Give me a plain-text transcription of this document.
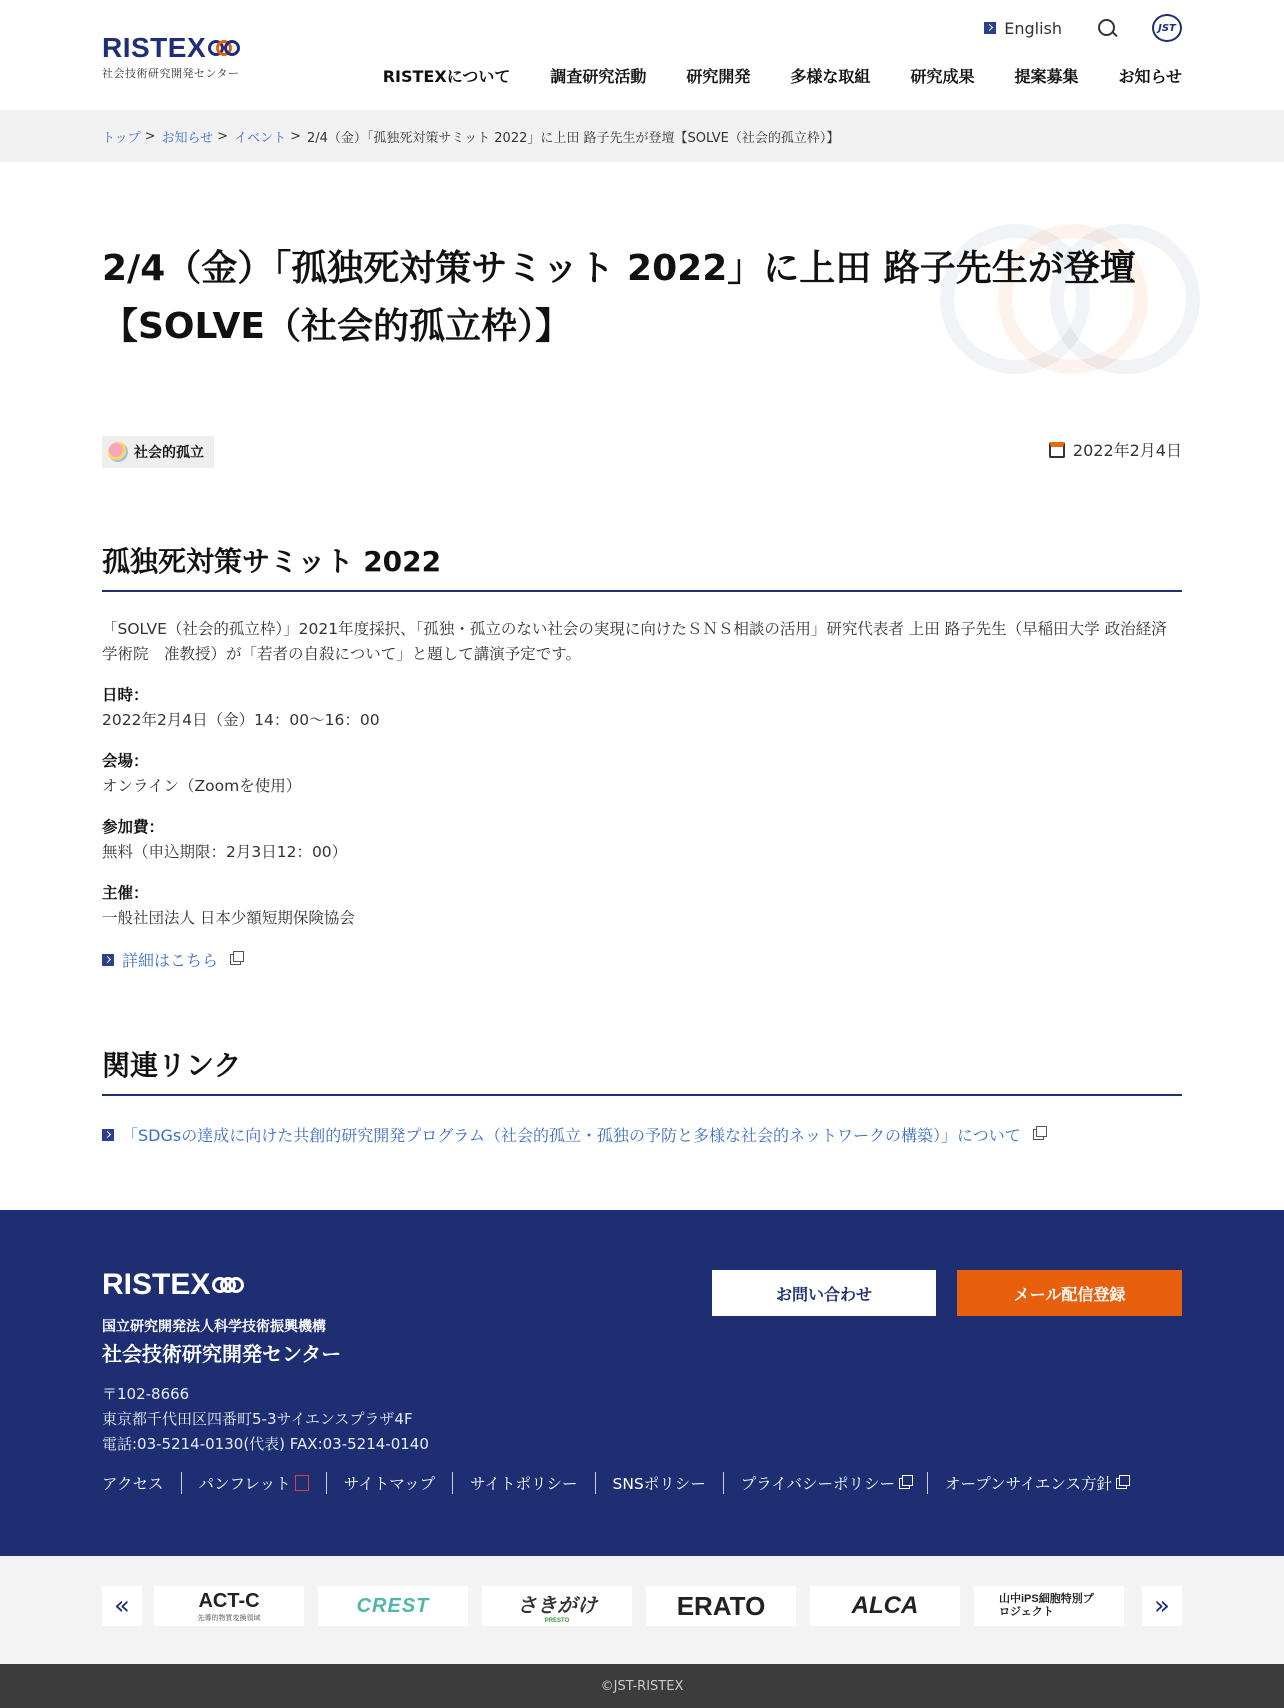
RISTEX
社会技術研究開発センター
English	JST
RISTEXについて	調査研究活動	研究開発	多様な取組	研究成果	提案募集	お知らせ
トップ > お知らせ > イベント > 2/4（金）「孤独死対策サミット 2022」に上田 路子先生が登壇【SOLVE（社会的孤立枠）】
2/4（金）「孤独死対策サミット 2022」に上田 路子先生が登壇
【SOLVE（社会的孤立枠）】
社会的孤立	2022年2月4日
孤独死対策サミット 2022

「SOLVE（社会的孤立枠）」2021年度採択、「孤独・孤立のない社会の実現に向けたＳＮＳ相談の活用」研究代表者 上田 路子先生（早稲田大学 政治経済学術院　准教授）が「若者の自殺について」と題して講演予定です。

日時：
2022年2月4日（金）14：00〜16：00
会場：
オンライン（Zoomを使用）
参加費：
無料（申込期限：2月3日12：00）
主催：
一般社団法人 日本少額短期保険協会
詳細はこちら
関連リンク
「SDGsの達成に向けた共創的研究開発プログラム（社会的孤立・孤独の予防と多様な社会的ネットワークの構築）」について
RISTEX
国立研究開発法人科学技術振興機構
社会技術研究開発センター
〒102-8666
東京都千代田区四番町5-3サイエンスプラザ4F
電話:03-5214-0130(代表) FAX:03-5214-0140
アクセス パンフレット	サイトマップ サイトポリシー SNSポリシー プライバシーポリシー	オープンサイエンス方針
お問い合わせ	メール配信登録
«	ACT-C
先導的物質変換領域
CREST	さきがけ
PRESTO	ERATO	ALCA	山中iPS細胞特別プロジェクト	»
©JST-RISTEX
